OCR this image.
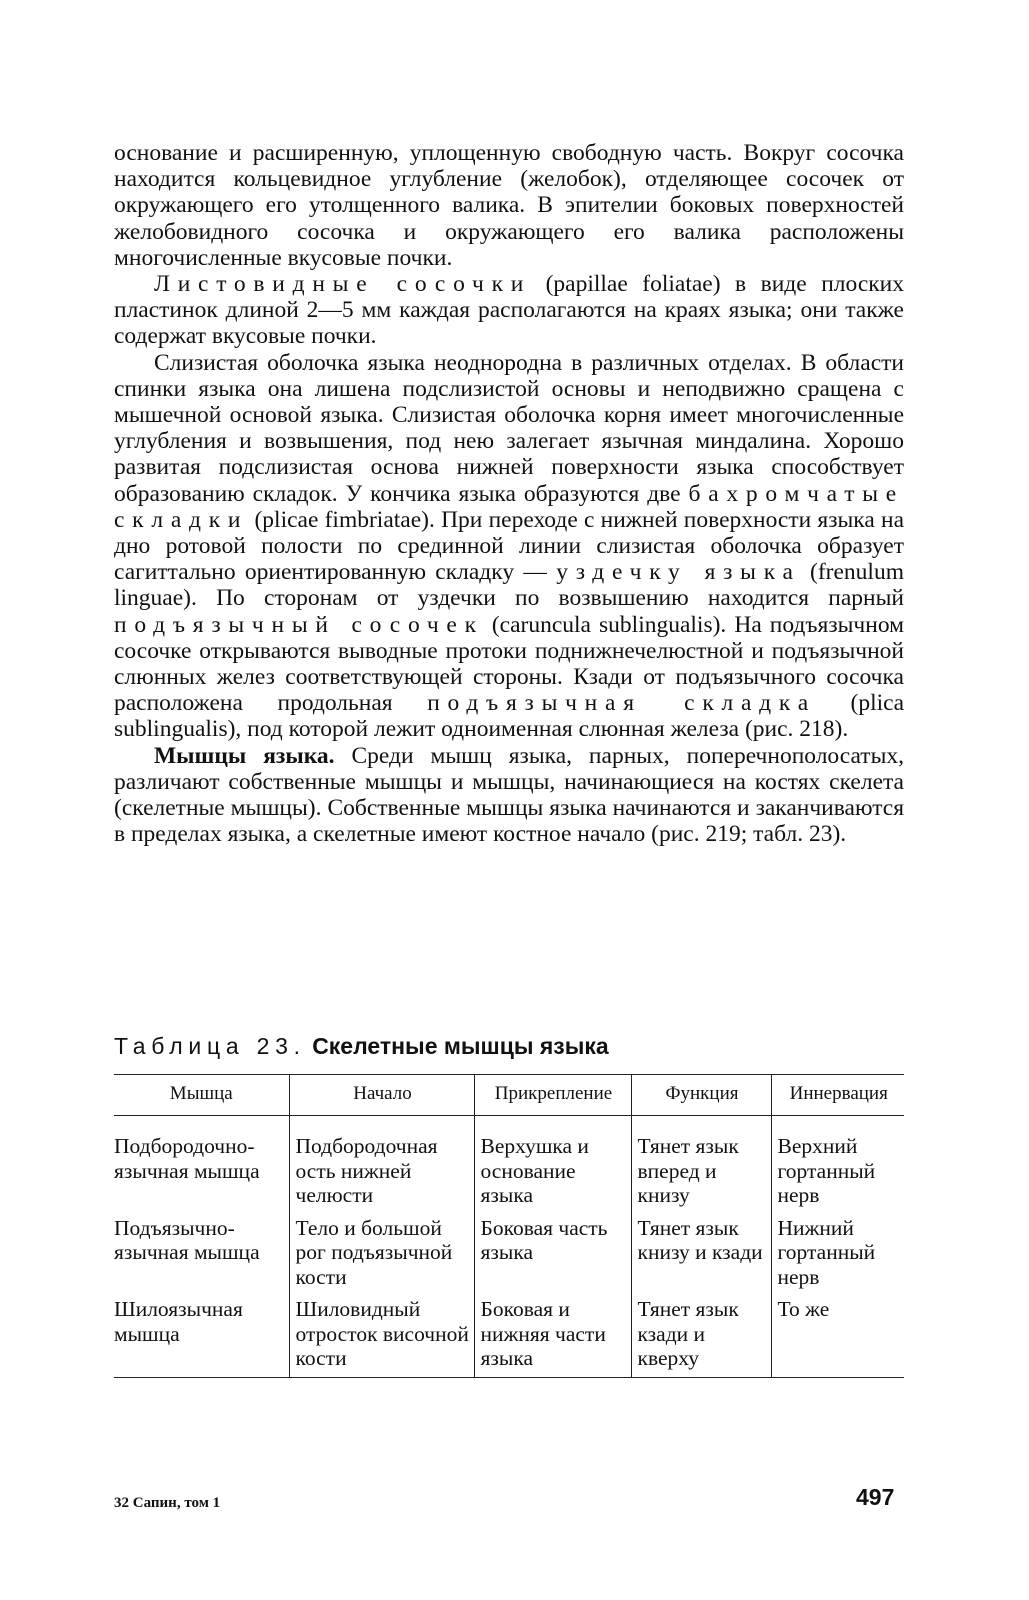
основание и расширенную, уплощенную свободную часть. Вокруг сосочка находится кольцевидное углубление (желобок), отделяющее сосочек от окружающего его утолщенного валика. В эпителии боковых поверхностей желобовидного сосочка и окружающего его валика расположены многочисленные вкусовые почки.

Листовидные сосочки (papillae foliatae) в виде плоских пластинок длиной 2—5 мм каждая располагаются на краях языка; они также содержат вкусовые почки.

Слизистая оболочка языка неоднородна в различных отделах. В области спинки языка она лишена подслизистой основы и неподвижно сращена с мышечной основой языка. Слизистая оболочка корня имеет многочисленные углубления и возвышения, под нею залегает язычная миндалина. Хорошо развитая подслизистая основа нижней поверхности языка способствует образованию складок. У кончика языка образуются две бахромчатые складки (plicae fimbriatae). При переходе с нижней поверхности языка на дно ротовой полости по срединной линии слизистая оболочка образует сагиттально ориентированную складку — уздечку языка (frenulum linguae). По сторонам от уздечки по возвышению находится парный подъязычный сосочек (caruncula sublingualis). На подъязычном сосочке открываются выводные протоки поднижнечелюстной и подъязычной слюнных желез соответствующей стороны. Кзади от подъязычного сосочка расположена продольная подъязычная складка (plica sublingualis), под которой лежит одноименная слюнная железа (рис. 218).

Мышцы языка. Среди мышц языка, парных, поперечнополосатых, различают собственные мышцы и мышцы, начинающиеся на костях скелета (скелетные мышцы). Собственные мышцы языка начинаются и заканчиваются в пределах языка, а скелетные имеют костное начало (рис. 219; табл. 23).

Таблица 23. Скелетные мышцы языка
Мышца	Начало	Прикрепление	Функция	Иннервация
Подбородочно-язычная мышца	Подбородочная ость нижней челюсти	Верхушка и основание языка	Тянет язык вперед и книзу	Верхний гортанный нерв
Подъязычно-язычная мышца	Тело и большой рог подъязычной кости	Боковая часть языка	Тянет язык книзу и кзади	Нижний гортанный нерв
Шилоязычная мышца	Шиловидный отросток височной кости	Боковая и нижняя части языка	Тянет язык кзади и кверху	То же
32 Сапин, том 1	497
